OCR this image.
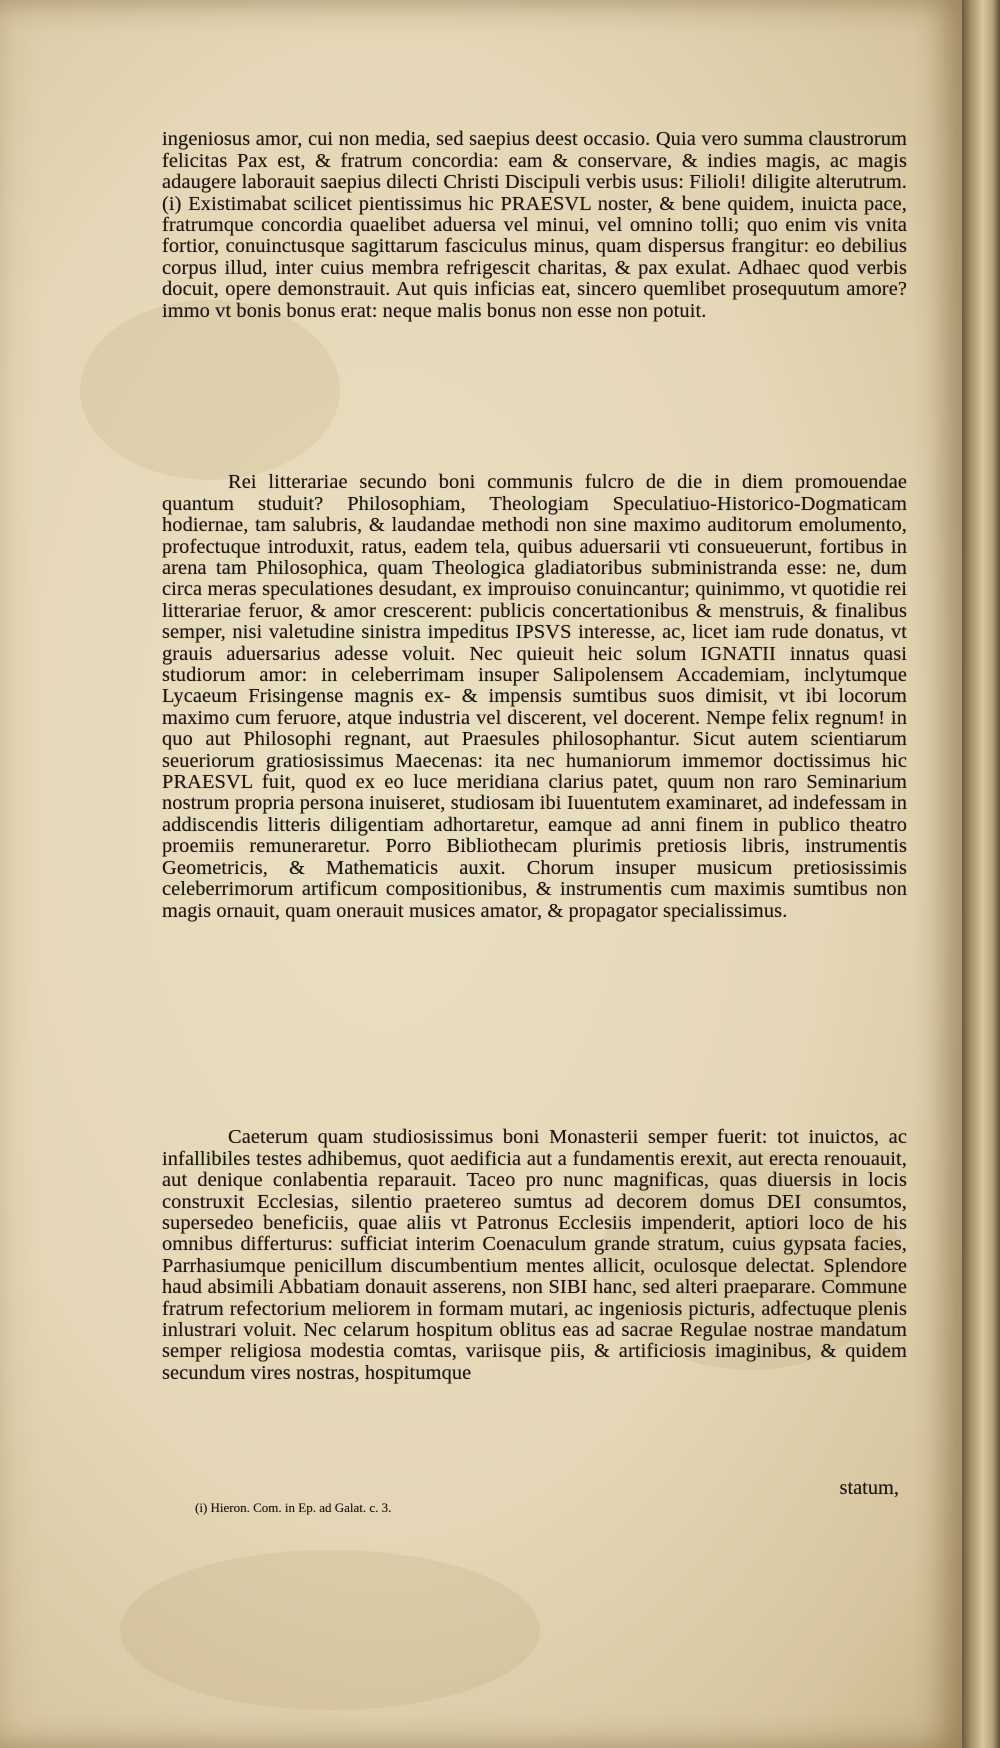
ingeniosus amor, cui non media, sed saepius deest occasio. Quia vero summa claustrorum felicitas Pax est, & fratrum concordia: eam & conservare, & indies magis, ac magis adaugere laborauit saepius dilecti Christi Discipuli verbis usus: Filioli! diligite alterutrum. (i) Existimabat scilicet pientissimus hic PRAESVL noster, & bene quidem, inuicta pace, fratrumque concordia quaelibet aduersa vel minui, vel omnino tolli; quo enim vis vnita fortior, conuinctusque sagittarum fasciculus minus, quam dispersus frangitur: eo debilius corpus illud, inter cuius membra refrigescit charitas, & pax exulat. Adhaec quod verbis docuit, opere demonstrauit. Aut quis inficias eat, sincero quemlibet prosequutum amore? immo vt bonis bonus erat: neque malis bonus non esse non potuit.

Rei litterariae secundo boni communis fulcro de die in diem promouendae quantum studuit? Philosophiam, Theologiam Speculatiuo-Historico-Dogmaticam hodiernae, tam salubris, & laudandae methodi non sine maximo auditorum emolumento, profectuque introduxit, ratus, eadem tela, quibus aduersarii vti consueuerunt, fortibus in arena tam Philosophica, quam Theologica gladiatoribus subministranda esse: ne, dum circa meras speculationes desudant, ex improuiso conuincantur; quinimmo, vt quotidie rei litterariae feruor, & amor crescerent: publicis concertationibus & menstruis, & finalibus semper, nisi valetudine sinistra impeditus IPSVS interesse, ac, licet iam rude donatus, vt grauis aduersarius adesse voluit. Nec quieuit heic solum IGNATII innatus quasi studiorum amor: in celeberrimam insuper Salipolensem Accademiam, inclytumque Lycaeum Frisingense magnis ex- & impensis sumtibus suos dimisit, vt ibi locorum maximo cum feruore, atque industria vel discerent, vel docerent. Nempe felix regnum! in quo aut Philosophi regnant, aut Praesules philosophantur. Sicut autem scientiarum seueriorum gratiosissimus Maecenas: ita nec humaniorum immemor doctissimus hic PRAESVL fuit, quod ex eo luce meridiana clarius patet, quum non raro Seminarium nostrum propria persona inuiseret, studiosam ibi Iuuentutem examinaret, ad indefessam in addiscendis litteris diligentiam adhortaretur, eamque ad anni finem in publico theatro proemiis remuneraretur. Porro Bibliothecam plurimis pretiosis libris, instrumentis Geometricis, & Mathematicis auxit. Chorum insuper musicum pretiosissimis celeberrimorum artificum compositionibus, & instrumentis cum maximis sumtibus non magis ornauit, quam onerauit musices amator, & propagator specialissimus.

Caeterum quam studiosissimus boni Monasterii semper fuerit: tot inuictos, ac infallibiles testes adhibemus, quot aedificia aut a fundamentis erexit, aut erecta renouauit, aut denique conlabentia reparauit. Taceo pro nunc magnificas, quas diuersis in locis construxit Ecclesias, silentio praetereo sumtus ad decorem domus DEI consumtos, supersedeo beneficiis, quae aliis vt Patronus Ecclesiis impenderit, aptiori loco de his omnibus differturus: sufficiat interim Coenaculum grande stratum, cuius gypsata facies, Parrhasiumque penicillum discumbentium mentes allicit, oculosque delectat. Splendore haud absimili Abbatiam donauit asserens, non SIBI hanc, sed alteri praeparare. Commune fratrum refectorium meliorem in formam mutari, ac ingeniosis picturis, adfectuque plenis inlustrari voluit. Nec celarum hospitum oblitus eas ad sacrae Regulae nostrae mandatum semper religiosa modestia comtas, variisque piis, & artificiosis imaginibus, & quidem secundum vires nostras, hospitumque

statum,
(i) Hieron. Com. in Ep. ad Galat. c. 3.
